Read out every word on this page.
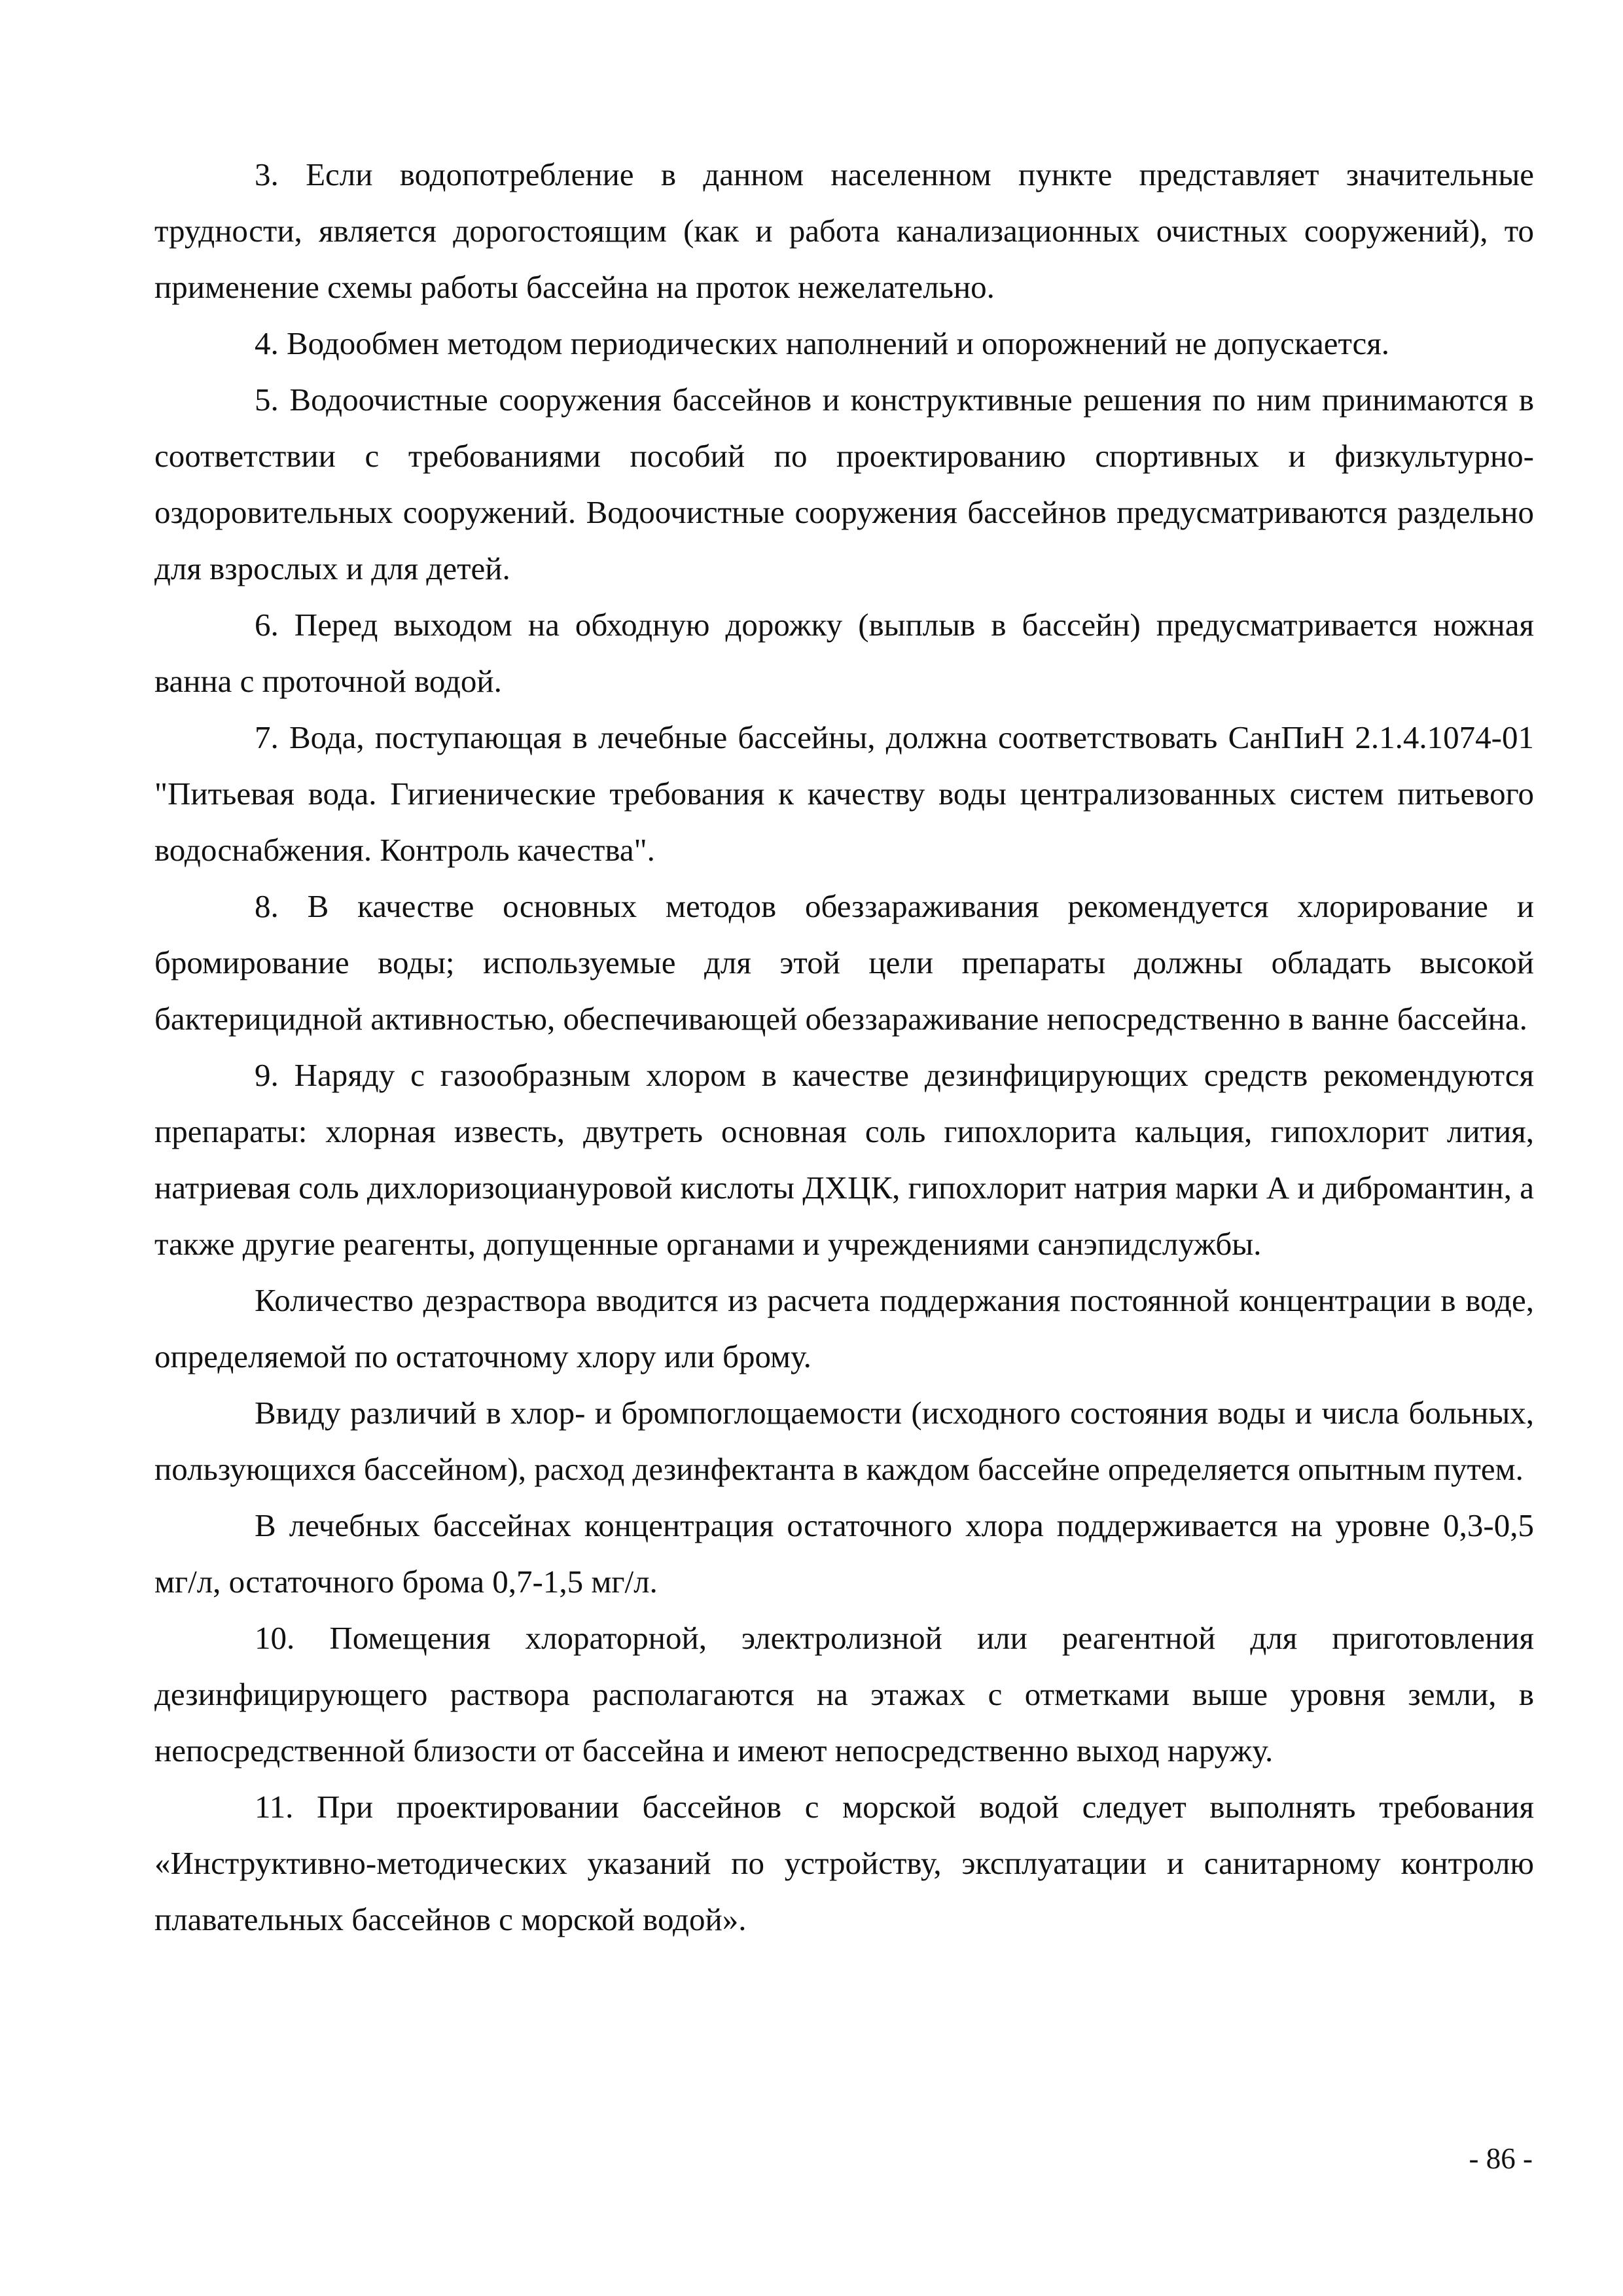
3. Если водопотребление в данном населенном пункте представляет значительные трудности, является дорогостоящим (как и работа канализационных очистных сооружений), то применение схемы работы бассейна на проток нежелательно.

4. Водообмен методом периодических наполнений и опорожнений не допускается.

5. Водоочистные сооружения бассейнов и конструктивные решения по ним принимаются в соответствии с требованиями пособий по проектированию спортивных и физкультурно-оздоровительных сооружений. Водоочистные сооружения бассейнов предусматриваются раздельно для взрослых и для детей.

6. Перед выходом на обходную дорожку (выплыв в бассейн) предусматривается ножная ванна с проточной водой.

7. Вода, поступающая в лечебные бассейны, должна соответствовать СанПиН 2.1.4.1074-01 "Питьевая вода. Гигиенические требования к качеству воды централизованных систем питьевого водоснабжения. Контроль качества".

8. В качестве основных методов обеззараживания рекомендуется хлорирование и бромирование воды; используемые для этой цели препараты должны обладать высокой бактерицидной активностью, обеспечивающей обеззараживание непосредственно в ванне бассейна.

9. Наряду с газообразным хлором в качестве дезинфицирующих средств рекомендуются препараты: хлорная известь, двутреть основная соль гипохлорита кальция, гипохлорит лития, натриевая соль дихлоризоциануровой кислоты ДХЦК, гипохлорит натрия марки А и дибромантин, а также другие реагенты, допущенные органами и учреждениями санэпидслужбы.

Количество дезраствора вводится из расчета поддержания постоянной концентрации в воде, определяемой по остаточному хлору или брому.

Ввиду различий в хлор- и бромпоглощаемости (исходного состояния воды и числа больных, пользующихся бассейном), расход дезинфектанта в каждом бассейне определяется опытным путем.

В лечебных бассейнах концентрация остаточного хлора поддерживается на уровне 0,3-0,5 мг/л, остаточного брома 0,7-1,5 мг/л.

10. Помещения хлораторной, электролизной или реагентной для приготовления дезинфицирующего раствора располагаются на этажах с отметками выше уровня земли, в непосредственной близости от бассейна и имеют непосредственно выход наружу.

11. При проектировании бассейнов с морской водой следует выполнять требования «Инструктивно-методических указаний по устройству, эксплуатации и санитарному контролю плавательных бассейнов с морской водой».

- 86 -
